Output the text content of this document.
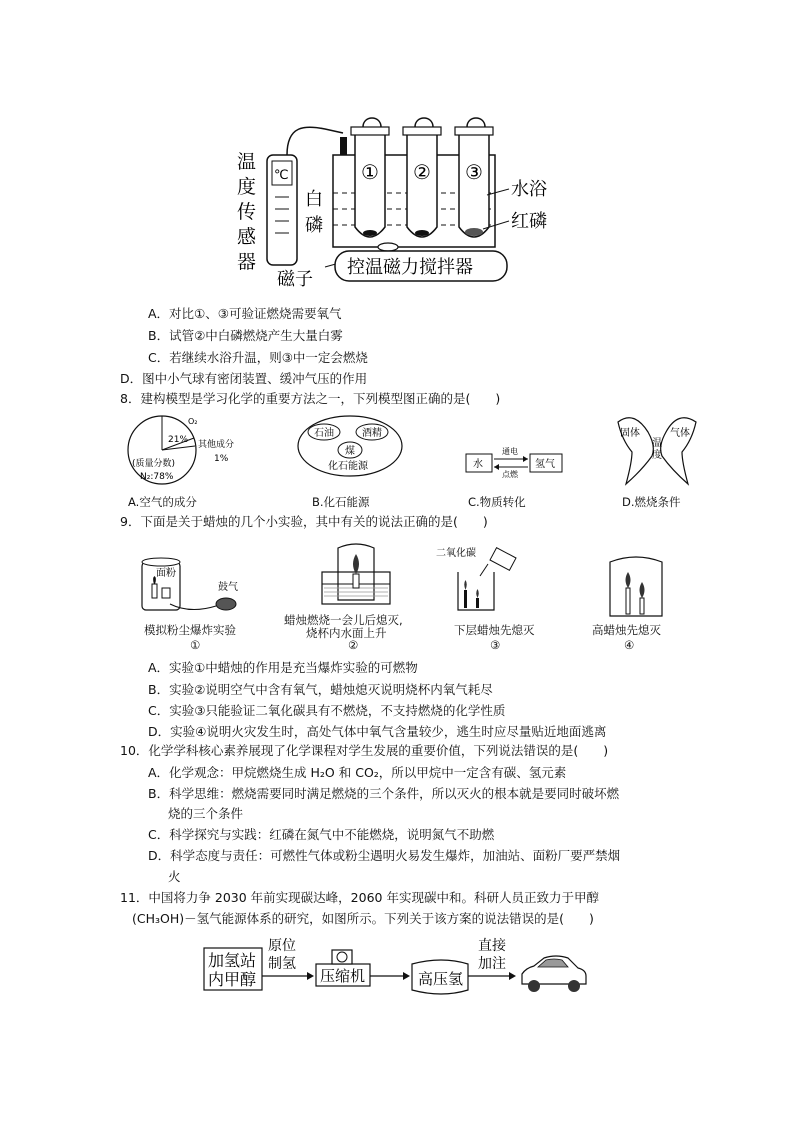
温
度
传
感
器
℃
白
磷
① ② ③
磁子
控温磁力搅拌器
水浴
红磷
A．对比①、③可验证燃烧需要氧气
B．试管②中白磷燃烧产生大量白雾
C．若继续水浴升温，则③中一定会燃烧
D．图中小气球有密闭装置、缓冲气压的作用
8．建构模型是学习化学的重要方法之一，下列模型图正确的是(　　)
O₂
21% 其他成分
1%
(质量分数)
N₂:78%
A.空气的成分
石油	酒精
煤
化石能源
B.化石能源
水
通电
点燃
氢气
C.物质转化
固体	气体
温
度
D.燃烧条件
9．下面是关于蜡烛的几个小实验，其中有关的说法正确的是(　　)
面粉
鼓气
模拟粉尘爆炸实验
①
蜡烛燃烧一会儿后熄灭,
烧杯内水面上升
②
二氧化碳
下层蜡烛先熄灭
③
高蜡烛先熄灭
④
A．实验①中蜡烛的作用是充当爆炸实验的可燃物
B．实验②说明空气中含有氧气，蜡烛熄灭说明烧杯内氧气耗尽
C．实验③只能验证二氧化碳具有不燃烧，不支持燃烧的化学性质
D．实验④说明火灾发生时，高处气体中氧气含量较少，逃生时应尽量贴近地面逃离
10．化学学科核心素养展现了化学课程对学生发展的重要价值，下列说法错误的是(　　)
A．化学观念：甲烷燃烧生成 H₂O 和 CO₂，所以甲烷中一定含有碳、氢元素
B．科学思维：燃烧需要同时满足燃烧的三个条件，所以灭火的根本就是要同时破坏燃
烧的三个条件
C．科学探究与实践：红磷在氮气中不能燃烧，说明氮气不助燃
D．科学态度与责任：可燃性气体或粉尘遇明火易发生爆炸，加油站、面粉厂要严禁烟
火
11．中国将力争 2030 年前实现碳达峰，2060 年实现碳中和。科研人员正致力于甲醇
(CH₃OH)－氢气能源体系的研究，如图所示。下列关于该方案的说法错误的是(　　)
加氢站
内甲醇
原位
制氢
压缩机	高压氢
直接
加注
